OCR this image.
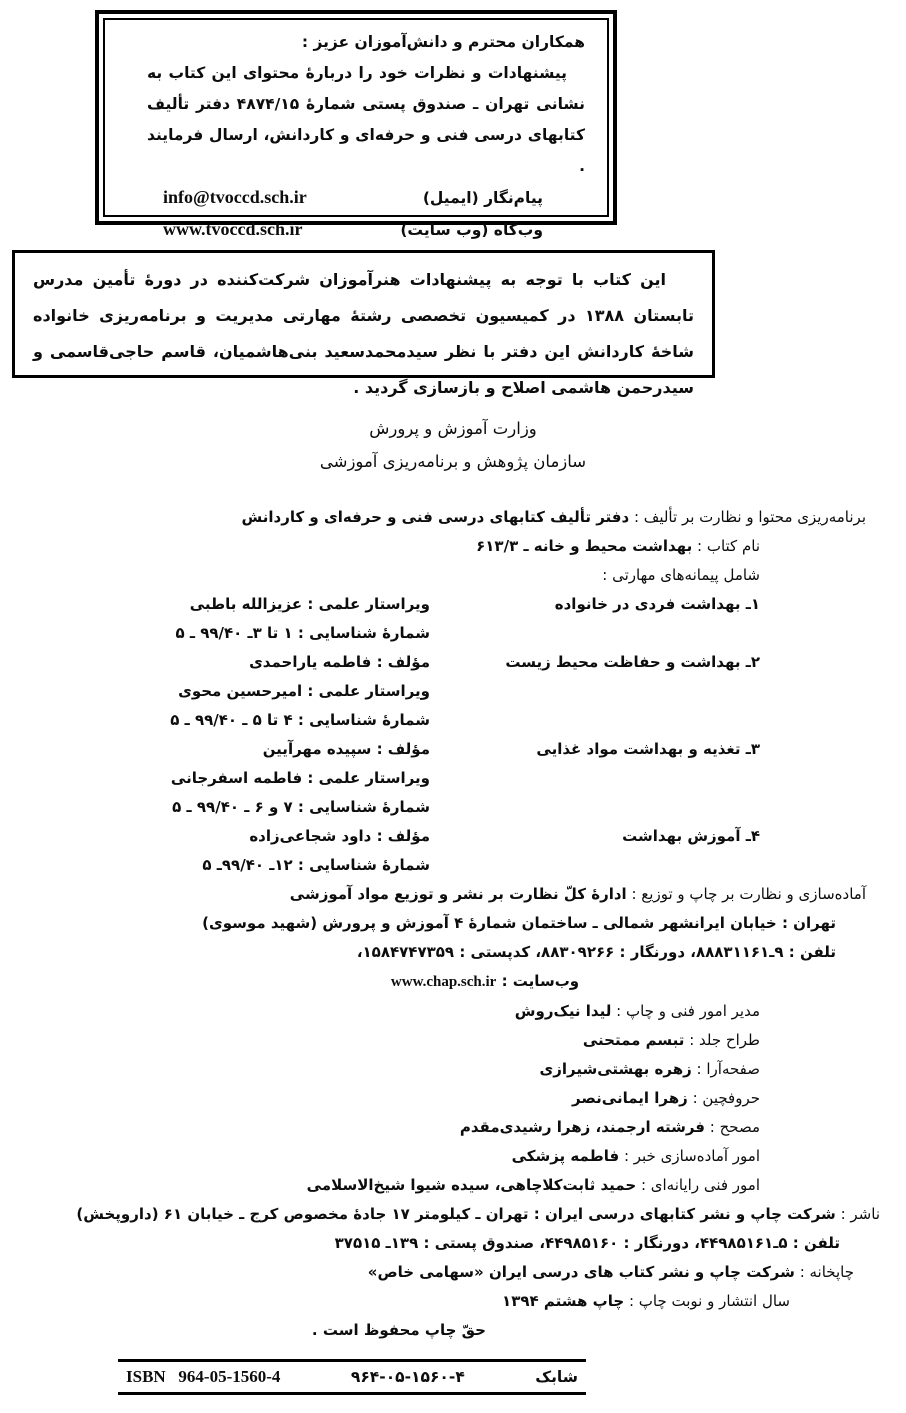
همکاران محترم و دانش‌آموزان عزیز :
پیشنهادات و نظرات خود را دربارهٔ محتوای این کتاب به نشانی تهران ـ صندوق پستی شمارهٔ ۴۸۷۴/۱۵ دفتر تألیف کتابهای درسی فنی و حرفه‌ای و کاردانش، ارسال فرمایند .
info@tvoccd.sch.ir	پیام‌نگار (ایمیل)
www.tvoccd.sch.ir	وب‌گاه (وب سایت)
این کتاب با توجه به پیشنهادات هنرآموزان شرکت‌کننده در دورهٔ تأمین مدرس تابستان ۱۳۸۸ در کمیسیون تخصصی رشتهٔ مهارتی مدیریت و برنامه‌ریزی خانواده شاخهٔ کاردانش این دفتر با نظر سیدمحمدسعید بنی‌هاشمیان، قاسم حاجی‌قاسمی و سیدرحمن هاشمی اصلاح و بازسازی گردید .
وزارت آموزش و پرورش
سازمان پژوهش و برنامه‌ریزی آموزشی
برنامه‌ریزی محتوا و نظارت بر تألیف : دفتر تألیف کتابهای درسی فنی و حرفه‌ای و کاردانش
نام کتاب : بهداشت محیط و خانه ـ ۶۱۳/۳
شامل پیمانه‌های مهارتی :
۱ـ بهداشت فردی در خانواده
ویراستار علمی : عزیزالله باطبی
شمارهٔ شناسایی : ۱ تا ۳ـ ۹۹/۴۰ ـ ۵
۲ـ بهداشت و حفاظت محیط زیست
مؤلف : فاطمه یاراحمدی
ویراستار علمی : امیرحسین محوی
شمارهٔ شناسایی : ۴ تا ۵ ـ ۹۹/۴۰ ـ ۵
۳ـ تغذیه و بهداشت مواد غذایی
مؤلف : سپیده مهرآیین
ویراستار علمی : فاطمه اسفرجانی
شمارهٔ شناسایی : ۷ و ۶ ـ ۹۹/۴۰ ـ ۵
۴ـ آموزش بهداشت
مؤلف : داود شجاعی‌زاده
شمارهٔ شناسایی : ۱۲ـ ۹۹/۴۰ـ ۵
آماده‌سازی و نظارت بر چاپ و توزیع : ادارهٔ کلّ نظارت بر نشر و توزیع مواد آموزشی
تهران : خیابان ایرانشهر شمالی ـ ساختمان شمارهٔ ۴ آموزش و پرورش (شهید موسوی)
تلفن : ۹ـ۸۸۸۳۱۱۶۱، دورنگار : ۸۸۳۰۹۲۶۶، کدپستی : ۱۵۸۴۷۴۷۳۵۹،
وب‌سایت : www.chap.sch.ir
مدیر امور فنی و چاپ : لیدا نیک‌روش
طراح جلد : تبسم ممتحنی
صفحه‌آرا : زهره بهشتی‌شیرازی
حروفچین : زهرا ایمانی‌نصر
مصحح : فرشته ارجمند، زهرا رشیدی‌مقدم
امور آماده‌سازی خبر : فاطمه پزشکی
امور فنی رایانه‌ای : حمید ثابت‌کلاچاهی، سیده شیوا شیخ‌الاسلامی
ناشر : شرکت چاپ و نشر کتابهای درسی ایران : تهران ـ کیلومتر ۱۷ جادهٔ مخصوص کرج ـ خیابان ۶۱ (داروپخش)
تلفن : ۵ـ۴۴۹۸۵۱۶۱، دورنگار : ۴۴۹۸۵۱۶۰، صندوق پستی : ۱۳۹ـ ۳۷۵۱۵
چاپخانه : شرکت چاپ و نشر کتاب های درسی ایران «سهامی خاص»
سال انتشار و نوبت چاپ : چاپ هشتم ۱۳۹۴
حقّ چاپ محفوظ است .
ISBN   964-05-1560-4	۹۶۴-۰۵-۱۵۶۰-۴	شابک
